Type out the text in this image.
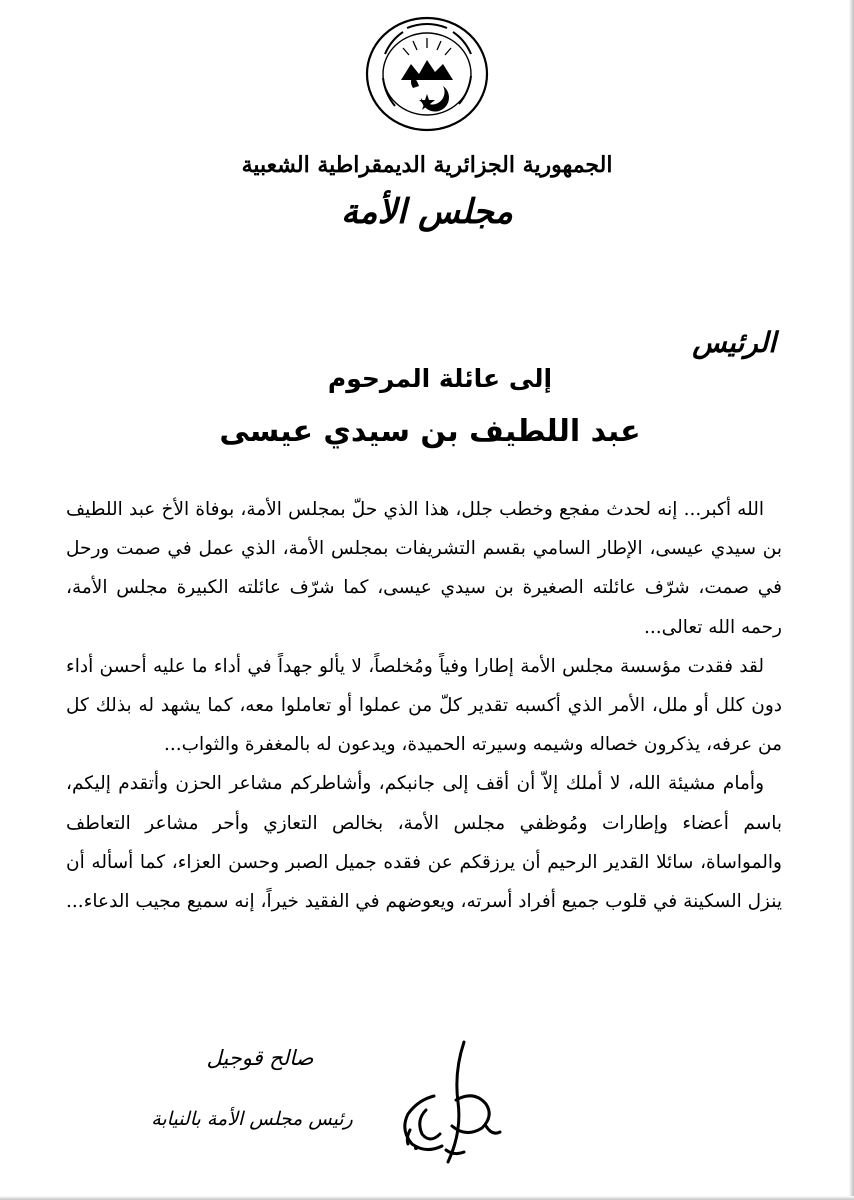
الجمهورية الجزائرية الديمقراطية الشعبية
مجلس الأمة
الرئيس
إلى عائلة المرحوم
عبد اللطيف بن سيدي عيسى

الله أكبر... إنه لحدث مفجع وخطب جلل، هذا الذي حلّ بمجلس الأمة، بوفاة الأخ عبد اللطيف بن سيدي عيسى، الإطار السامي بقسم التشريفات بمجلس الأمة، الذي عمل في صمت ورحل في صمت، شرّف عائلته الصغيرة بن سيدي عيسى، كما شرّف عائلته الكبيرة مجلس الأمة، رحمه الله تعالى...

لقد فقدت مؤسسة مجلس الأمة إطارا وفياً ومُخلصاً، لا يألو جهداً في أداء ما عليه أحسن أداء دون كلل أو ملل، الأمر الذي أكسبه تقدير كلّ من عملوا أو تعاملوا معه، كما يشهد له بذلك كل من عرفه، يذكرون خصاله وشيمه وسيرته الحميدة، ويدعون له بالمغفرة والثواب...

وأمام مشيئة الله، لا أملك إلاّ أن أقف إلى جانبكم، وأشاطركم مشاعر الحزن وأتقدم إليكم، باسم أعضاء وإطارات ومُوظفي مجلس الأمة، بخالص التعازي وأحر مشاعر التعاطف والمواساة، سائلا القدير الرحيم أن يرزقكم عن فقده جميل الصبر وحسن العزاء، كما أسأله أن ينزل السكينة في قلوب جميع أفراد أسرته، ويعوضهم في الفقيد خيراً، إنه سميع مجيب الدعاء...

صالح قوجيل
رئيس مجلس الأمة بالنيابة
